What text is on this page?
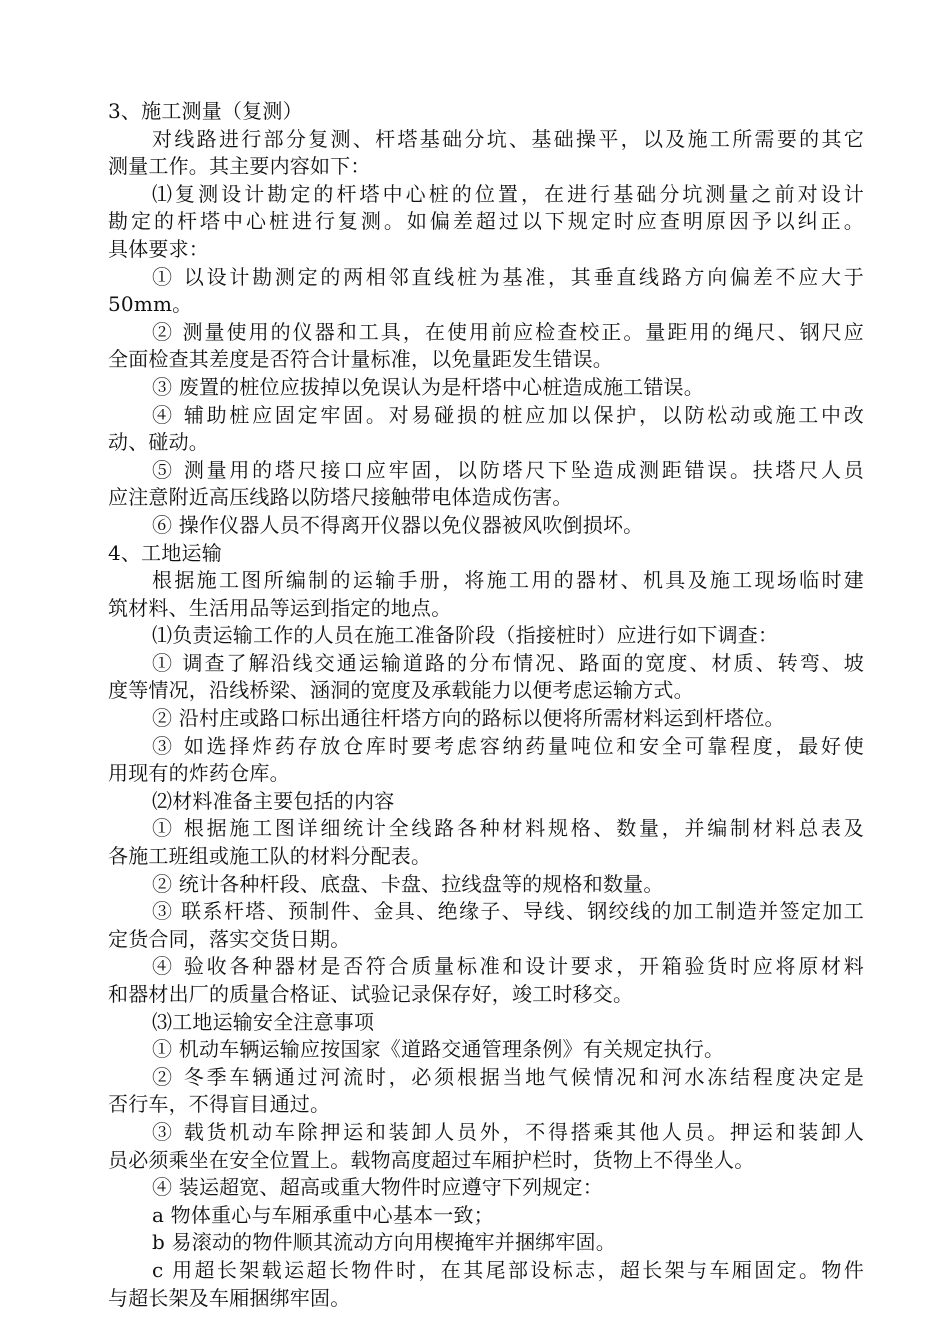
3、施工测量（复测）
对线路进行部分复测、杆塔基础分坑、基础操平，以及施工所需要的其它
测量工作。其主要内容如下：
⑴复测设计勘定的杆塔中心桩的位置，在进行基础分坑测量之前对设计
勘定的杆塔中心桩进行复测。如偏差超过以下规定时应查明原因予以纠正。
具体要求：
① 以设计勘测定的两相邻直线桩为基准，其垂直线路方向偏差不应大于
50mm。
② 测量使用的仪器和工具，在使用前应检查校正。量距用的绳尺、钢尺应
全面检查其差度是否符合计量标准，以免量距发生错误。
③ 废置的桩位应拔掉以免误认为是杆塔中心桩造成施工错误。
④ 辅助桩应固定牢固。对易碰损的桩应加以保护，以防松动或施工中改
动、碰动。
⑤ 测量用的塔尺接口应牢固，以防塔尺下坠造成测距错误。扶塔尺人员
应注意附近高压线路以防塔尺接触带电体造成伤害。
⑥ 操作仪器人员不得离开仪器以免仪器被风吹倒损坏。
4、工地运输
根据施工图所编制的运输手册，将施工用的器材、机具及施工现场临时建
筑材料、生活用品等运到指定的地点。
⑴负责运输工作的人员在施工准备阶段（指接桩时）应进行如下调查：
① 调查了解沿线交通运输道路的分布情况、路面的宽度、材质、转弯、坡
度等情况，沿线桥梁、涵洞的宽度及承载能力以便考虑运输方式。
② 沿村庄或路口标出通往杆塔方向的路标以便将所需材料运到杆塔位。
③ 如选择炸药存放仓库时要考虑容纳药量吨位和安全可靠程度，最好使
用现有的炸药仓库。
⑵材料准备主要包括的内容
① 根据施工图详细统计全线路各种材料规格、数量，并编制材料总表及
各施工班组或施工队的材料分配表。
② 统计各种杆段、底盘、卡盘、拉线盘等的规格和数量。
③ 联系杆塔、预制件、金具、绝缘子、导线、钢绞线的加工制造并签定加工
定货合同，落实交货日期。
④ 验收各种器材是否符合质量标准和设计要求，开箱验货时应将原材料
和器材出厂的质量合格证、试验记录保存好，竣工时移交。
⑶工地运输安全注意事项
① 机动车辆运输应按国家《道路交通管理条例》有关规定执行。
② 冬季车辆通过河流时，必须根据当地气候情况和河水冻结程度决定是
否行车，不得盲目通过。
③ 载货机动车除押运和装卸人员外，不得搭乘其他人员。押运和装卸人
员必须乘坐在安全位置上。载物高度超过车厢护栏时，货物上不得坐人。
④ 装运超宽、超高或重大物件时应遵守下列规定：
a 物体重心与车厢承重中心基本一致；
b 易滚动的物件顺其流动方向用楔掩牢并捆绑牢固。
c 用超长架载运超长物件时，在其尾部设标志，超长架与车厢固定。物件
与超长架及车厢捆绑牢固。
